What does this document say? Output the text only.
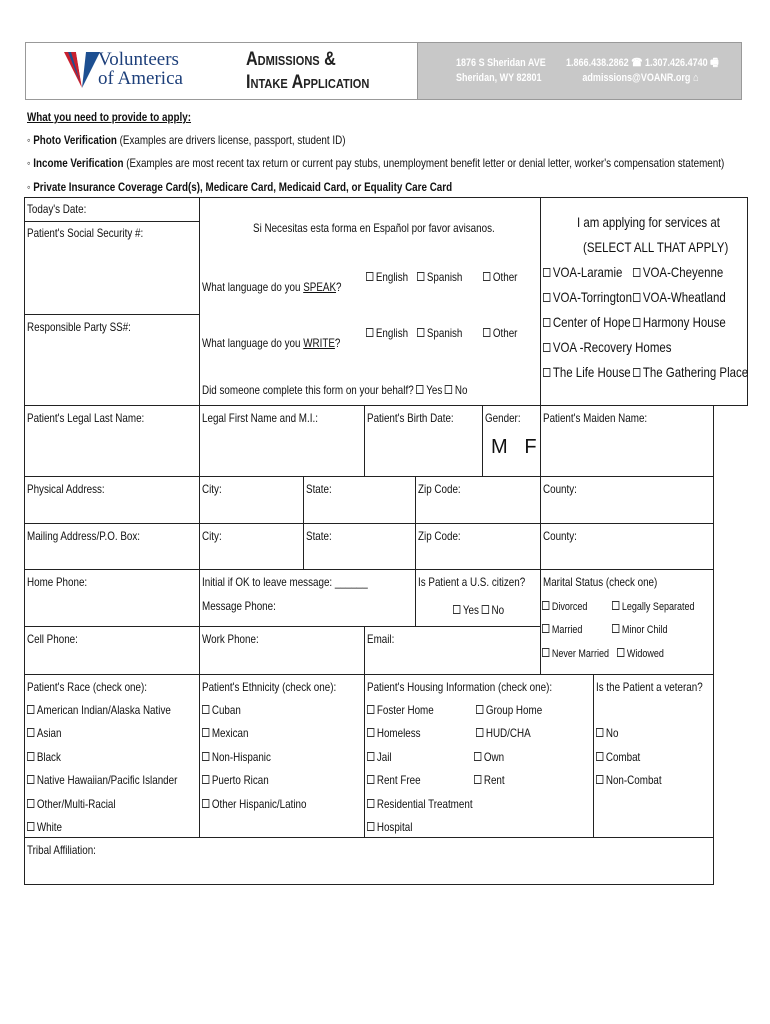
Volunteers
of America
Admissions &
Intake Application
1876 S Sheridan AVE
Sheridan, WY 82801
1.866.438.2862 ☎ 1.307.426.4740 🖷
admissions@VOANR.org ⌂
What you need to provide to apply:
◦ Photo Verification (Examples are drivers license, passport, student ID)
◦ Income Verification (Examples are most recent tax return or current pay stubs, unemployment benefit letter or denial letter, worker's compensation statement)
◦ Private Insurance Coverage Card(s), Medicare Card, Medicaid Card, or Equality Care Card
Today's Date:
Patient's Social Security #:
Responsible Party SS#:
Si Necesitas esta forma en Español por favor avisanos.
What language do you SPEAK?
English	Spanish	Other
What language do you WRITE?
English	Spanish	Other
Did someone complete this form on your behalf? Yes No
I am applying for services at
(SELECT ALL THAT APPLY)
VOA-Laramie	VOA-Cheyenne
VOA-Torrington VOA-Wheatland
Center of Hope Harmony House
VOA -Recovery Homes
The Life House The Gathering Place
Patient's Legal Last Name:	Legal First Name and M.I.:	Patient's Birth Date:	Gender:
M   F
Patient's Maiden Name:
Physical Address:	City:	State:	Zip Code:	County:
Mailing Address/P.O. Box:	City:	State:	Zip Code:	County:
Home Phone:	Initial if OK to leave message: ______
Message Phone:
Is Patient a U.S. citizen?
Yes No
Marital Status (check one)
Divorced	Legally Separated
Married	Minor Child
Never Married	Widowed
Cell Phone:	Work Phone:	Email:
Patient's Race (check one):
American Indian/Alaska Native
Asian
Black
Native Hawaiian/Pacific Islander
Other/Multi-Racial
White
Patient's Ethnicity (check one):
Cuban
Mexican
Non-Hispanic
Puerto Rican
Other Hispanic/Latino
Patient's Housing Information (check one):
Foster Home	Group Home
Homeless	HUD/CHA
Jail	Own
Rent Free	Rent
Residential Treatment
Hospital
Is the Patient a veteran?
No
Combat
Non-Combat
Tribal Affiliation:
